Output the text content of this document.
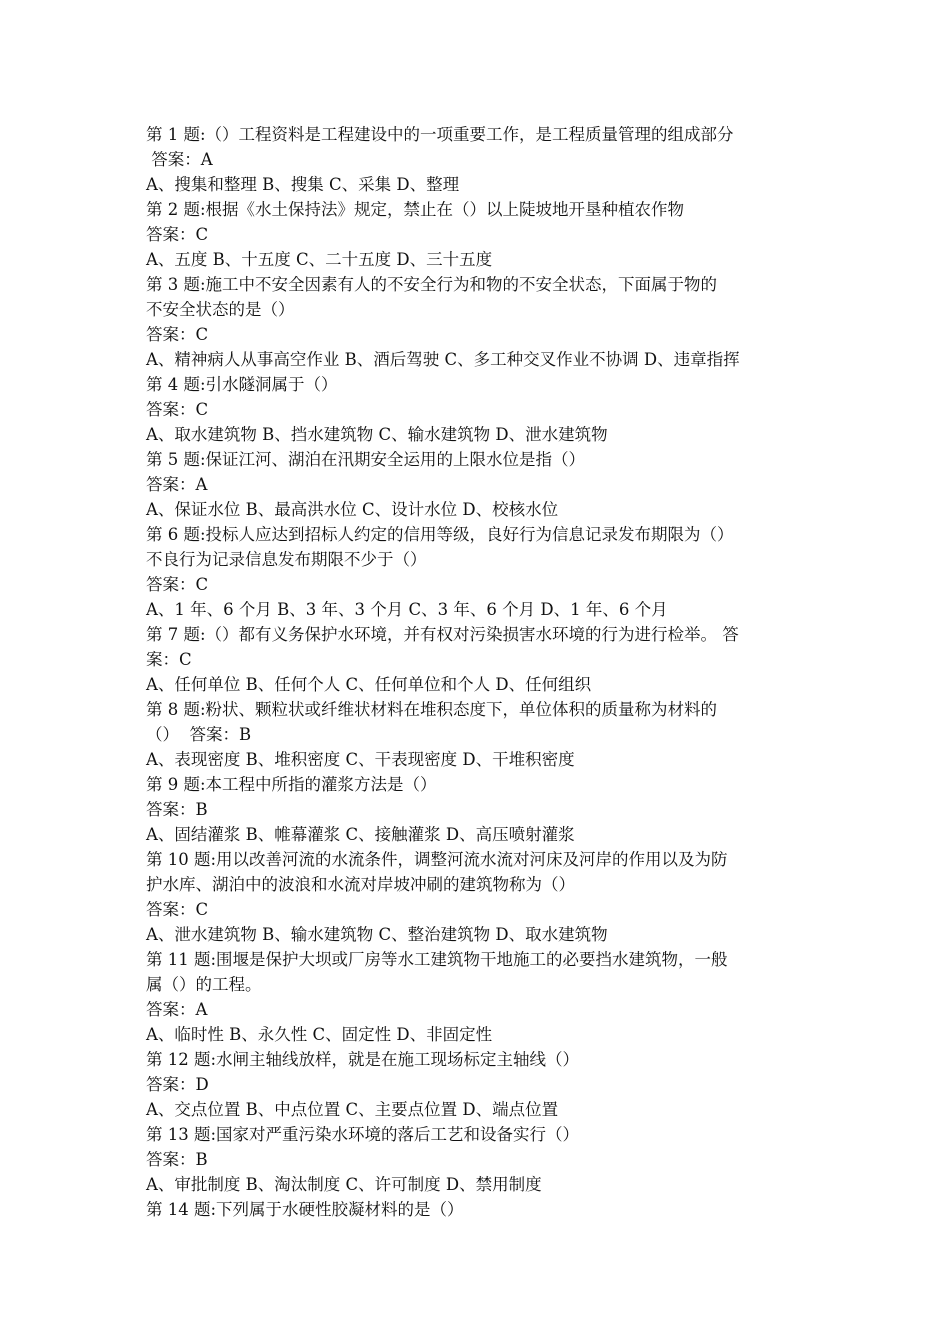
第 1 题:（）工程资料是工程建设中的一项重要工作，是工程质量管理的组成部分
答案：A
A、搜集和整理 B、搜集 C、采集 D、整理
第 2 题:根据《水土保持法》规定，禁止在（）以上陡坡地开垦种植农作物
答案：C
A、五度 B、十五度 C、二十五度 D、三十五度
第 3 题:施工中不安全因素有人的不安全行为和物的不安全状态，下面属于物的
不安全状态的是（）
答案：C
A、精神病人从事高空作业 B、酒后驾驶 C、多工种交叉作业不协调 D、违章指挥
第 4 题:引水隧洞属于（）
答案：C
A、取水建筑物 B、挡水建筑物 C、输水建筑物 D、泄水建筑物
第 5 题:保证江河、湖泊在汛期安全运用的上限水位是指（）
答案：A
A、保证水位 B、最高洪水位 C、设计水位 D、校核水位
第 6 题:投标人应达到招标人约定的信用等级，良好行为信息记录发布期限为（）
不良行为记录信息发布期限不少于（）
答案：C
A、1 年、6 个月 B、3 年、3 个月 C、3 年、6 个月 D、1 年、6 个月
第 7 题:（）都有义务保护水环境，并有权对污染损害水环境的行为进行检举。 答
案：C
A、任何单位 B、任何个人 C、任何单位和个人 D、任何组织
第 8 题:粉状、颗粒状或纤维状材料在堆积态度下，单位体积的质量称为材料的
（）  答案：B
A、表现密度 B、堆积密度 C、干表现密度 D、干堆积密度
第 9 题:本工程中所指的灌浆方法是（）
答案：B
A、固结灌浆 B、帷幕灌浆 C、接触灌浆 D、高压喷射灌浆
第 10 题:用以改善河流的水流条件，调整河流水流对河床及河岸的作用以及为防
护水库、湖泊中的波浪和水流对岸坡冲刷的建筑物称为（）
答案：C
A、泄水建筑物 B、输水建筑物 C、整治建筑物 D、取水建筑物
第 11 题:围堰是保护大坝或厂房等水工建筑物干地施工的必要挡水建筑物，一般
属（）的工程。
答案：A
A、临时性 B、永久性 C、固定性 D、非固定性
第 12 题:水闸主轴线放样，就是在施工现场标定主轴线（）
答案：D
A、交点位置 B、中点位置 C、主要点位置 D、端点位置
第 13 题:国家对严重污染水环境的落后工艺和设备实行（）
答案：B
A、审批制度 B、淘汰制度 C、许可制度 D、禁用制度
第 14 题:下列属于水硬性胶凝材料的是（）
